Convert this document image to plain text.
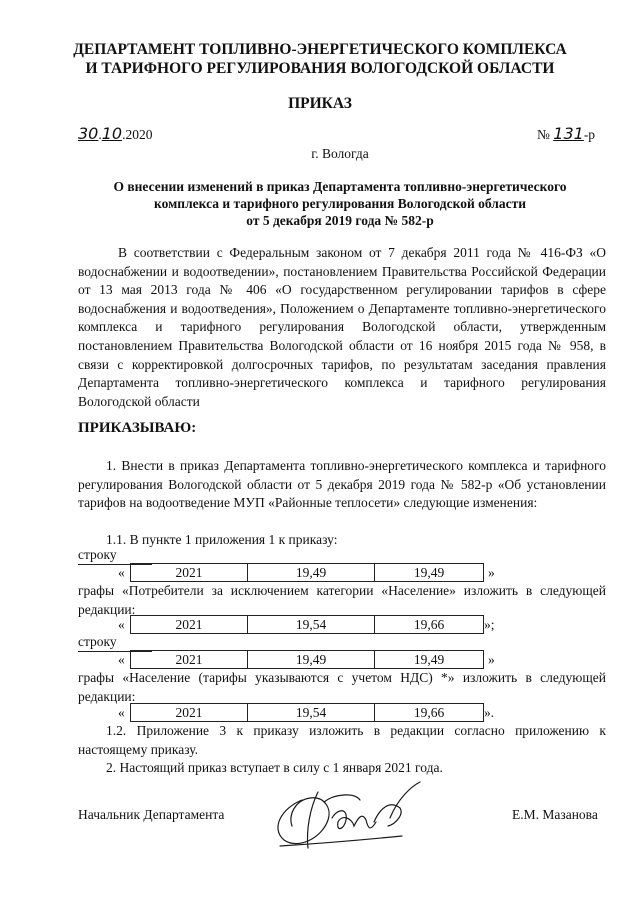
ДЕПАРТАМЕНТ ТОПЛИВНО-ЭНЕРГЕТИЧЕСКОГО КОМПЛЕКСА
И ТАРИФНОГО РЕГУЛИРОВАНИЯ ВОЛОГОДСКОЙ ОБЛАСТИ
ПРИКАЗ
30.10.2020	№ 131-р
г. Вологда
О внесении изменений в приказ Департамента топливно-энергетического
комплекса и тарифного регулирования Вологодской области
от 5 декабря 2019 года № 582-р
В соответствии с Федеральным законом от 7 декабря 2011 года № 416-ФЗ «О водоснабжении и водоотведении», постановлением Правительства Российской Федерации от 13 мая 2013 года № 406 «О государственном регулировании тарифов в сфере водоснабжения и водоотведения», Положением о Департаменте топливно-энергетического комплекса и тарифного регулирования Вологодской области, утвержденным постановлением Правительства Вологодской области от 16 ноября 2015 года № 958, в связи с корректировкой долгосрочных тарифов, по результатам заседания правления Департамента топливно-энергетического комплекса и тарифного регулирования Вологодской области
ПРИКАЗЫВАЮ:
1. Внести в приказ Департамента топливно-энергетического комплекса и тарифного регулирования Вологодской области от 5 декабря 2019 года № 582-р «Об установлении тарифов на водоотведение МУП «Районные теплосети» следующие изменения:
1.1. В пункте 1 приложения 1 к приказу:
строку
«	2021	19,49	19,49	»
графы «Потребители за исключением категории «Население» изложить в следующей редакции:
«	2021	19,54	19,66	»;
строку
«	2021	19,49	19,49	»
графы «Население (тарифы указываются с учетом НДС) *» изложить в следующей редакции:
«	2021	19,54	19,66	».
1.2. Приложение 3 к приказу изложить в редакции согласно приложению к настоящему приказу.
2. Настоящий приказ вступает в силу с 1 января 2021 года.
Начальник Департамента	Е.М. Мазанова
